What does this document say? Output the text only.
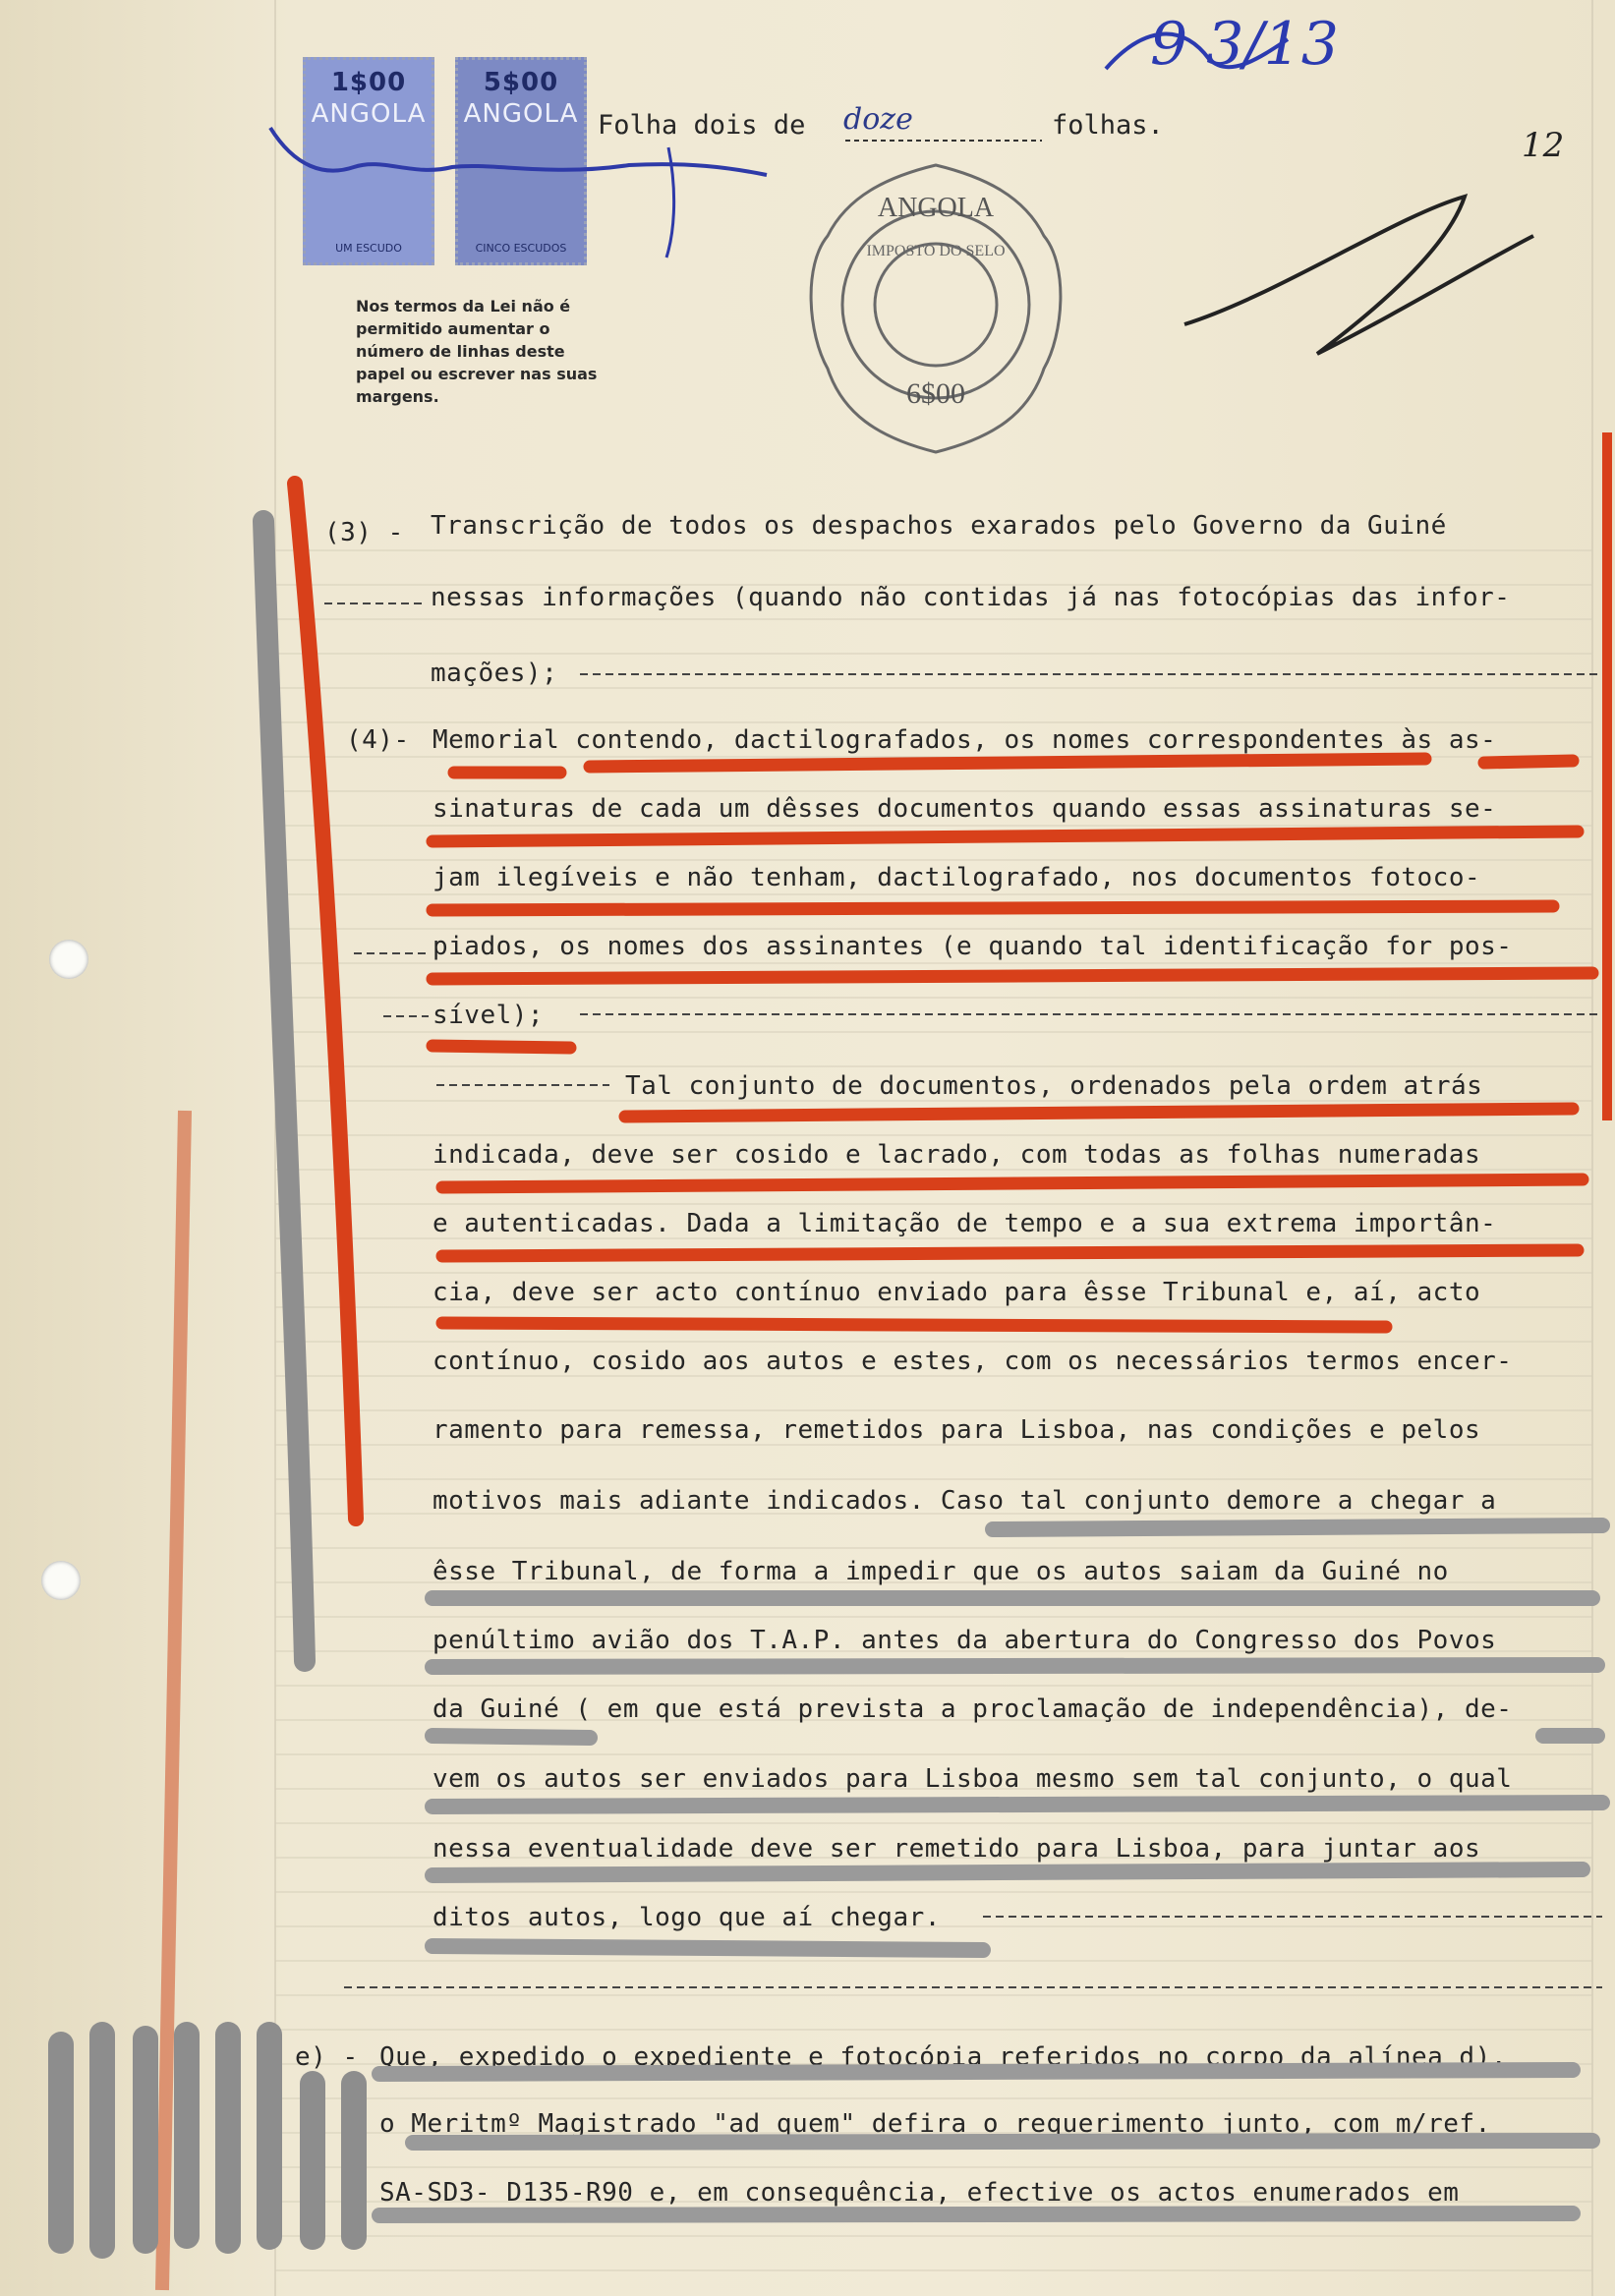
1$00
ANGOLA
UM ESCUDO
5$00
ANGOLA
CINCO ESCUDOS
Nos termos da Lei não é permitido aumentar o número de linhas deste papel ou escrever nas suas margens.
Folha dois de doze	folhas.
ANGOLA
IMPOSTO DO SELO
6$00
9 3/13
12
(3) - Transcrição de todos os despachos exarados pelo Governo da Guiné
nessas informações (quando não contidas já nas fotocópias das infor-
mações);
(4)- Memorial contendo, dactilografados, os nomes correspondentes às as-
sinaturas de cada um dêsses documentos quando essas assinaturas se-
jam ilegíveis e não tenham, dactilografado, nos documentos fotoco-
piados, os nomes dos assinantes (e quando tal identificação for pos-
sível);
Tal conjunto de documentos, ordenados pela ordem atrás
indicada, deve ser cosido e lacrado, com todas as folhas numeradas
e autenticadas. Dada a limitação de tempo e a sua extrema importân-
cia, deve ser acto contínuo enviado para êsse Tribunal e, aí, acto
contínuo, cosido aos autos e estes, com os necessários termos encer-
ramento para remessa, remetidos para Lisboa, nas condições e pelos
motivos mais adiante indicados. Caso tal conjunto demore a chegar a
êsse Tribunal, de forma a impedir que os autos saiam da Guiné no
penúltimo avião dos T.A.P. antes da abertura do Congresso dos Povos
da Guiné ( em que está prevista a proclamação de independência), de-
vem os autos ser enviados para Lisboa mesmo sem tal conjunto, o qual
nessa eventualidade deve ser remetido para Lisboa, para juntar aos
ditos autos, logo que aí chegar.
e) - Que, expedido o expediente e fotocópia referidos no corpo da alínea d),
o Meritmº Magistrado "ad quem" defira o requerimento junto, com m/ref.
SA-SD3- D135-R90 e, em consequência, efective os actos enumerados em
